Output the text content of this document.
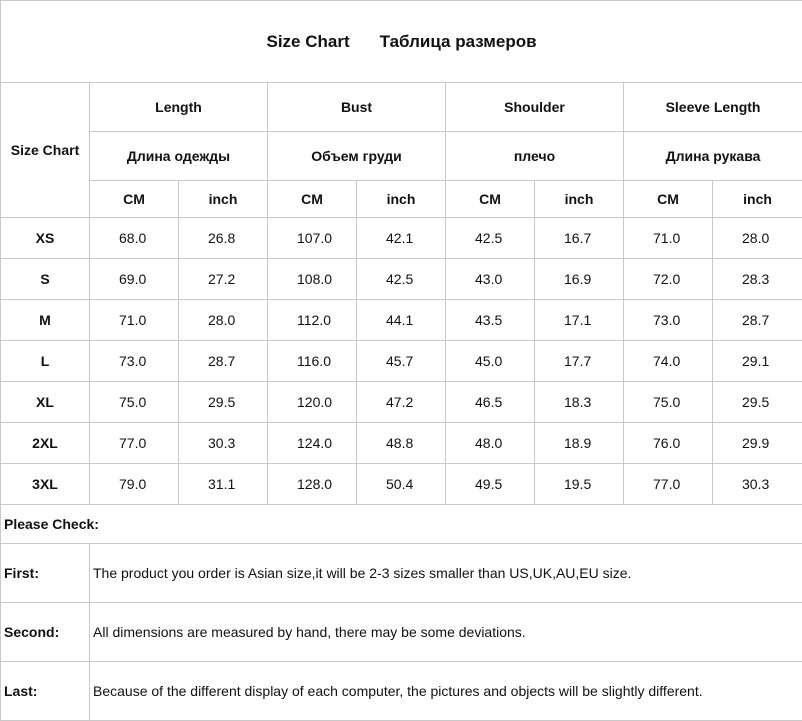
Size Chart Таблица размеров								
Size Chart	Length		Bust		Shoulder		Sleeve Length	
	Длина одежды		Объем груди		плечо		Длина рукава	
	CM	inch	CM	inch	CM	inch	CM	inch
XS	68.0	26.8	107.0	42.1	42.5	16.7	71.0	28.0
S	69.0	27.2	108.0	42.5	43.0	16.9	72.0	28.3
M	71.0	28.0	112.0	44.1	43.5	17.1	73.0	28.7
L	73.0	28.7	116.0	45.7	45.0	17.7	74.0	29.1
XL	75.0	29.5	120.0	47.2	46.5	18.3	75.0	29.5
2XL	77.0	30.3	124.0	48.8	48.0	18.9	76.0	29.9
3XL	79.0	31.1	128.0	50.4	49.5	19.5	77.0	30.3
Please Check:								
First:	The product you order is Asian size,it will be 2-3 sizes smaller than US,UK,AU,EU size.							
Second:	All dimensions are measured by hand, there may be some deviations.							
Last:	Because of the different display of each computer, the pictures and objects will be slightly different.							
